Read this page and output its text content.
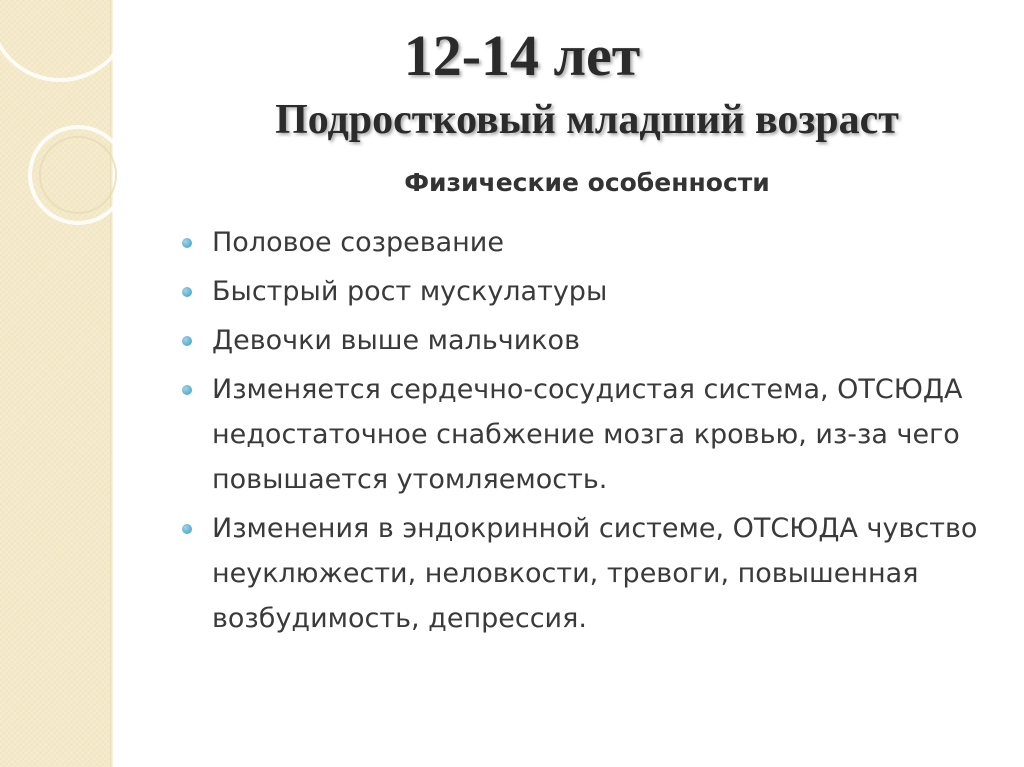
12-14 лет
Подростковый младший возраст
Физические особенности
Половое созревание
Быстрый рост мускулатуры
Девочки выше мальчиков
Изменяется сердечно-сосудистая система, ОТСЮДА недостаточное снабжение мозга кровью, из-за чего повышается утомляемость.
Изменения в эндокринной системе, ОТСЮДА чувство неуклюжести, неловкости, тревоги, повышенная возбудимость, депрессия.
